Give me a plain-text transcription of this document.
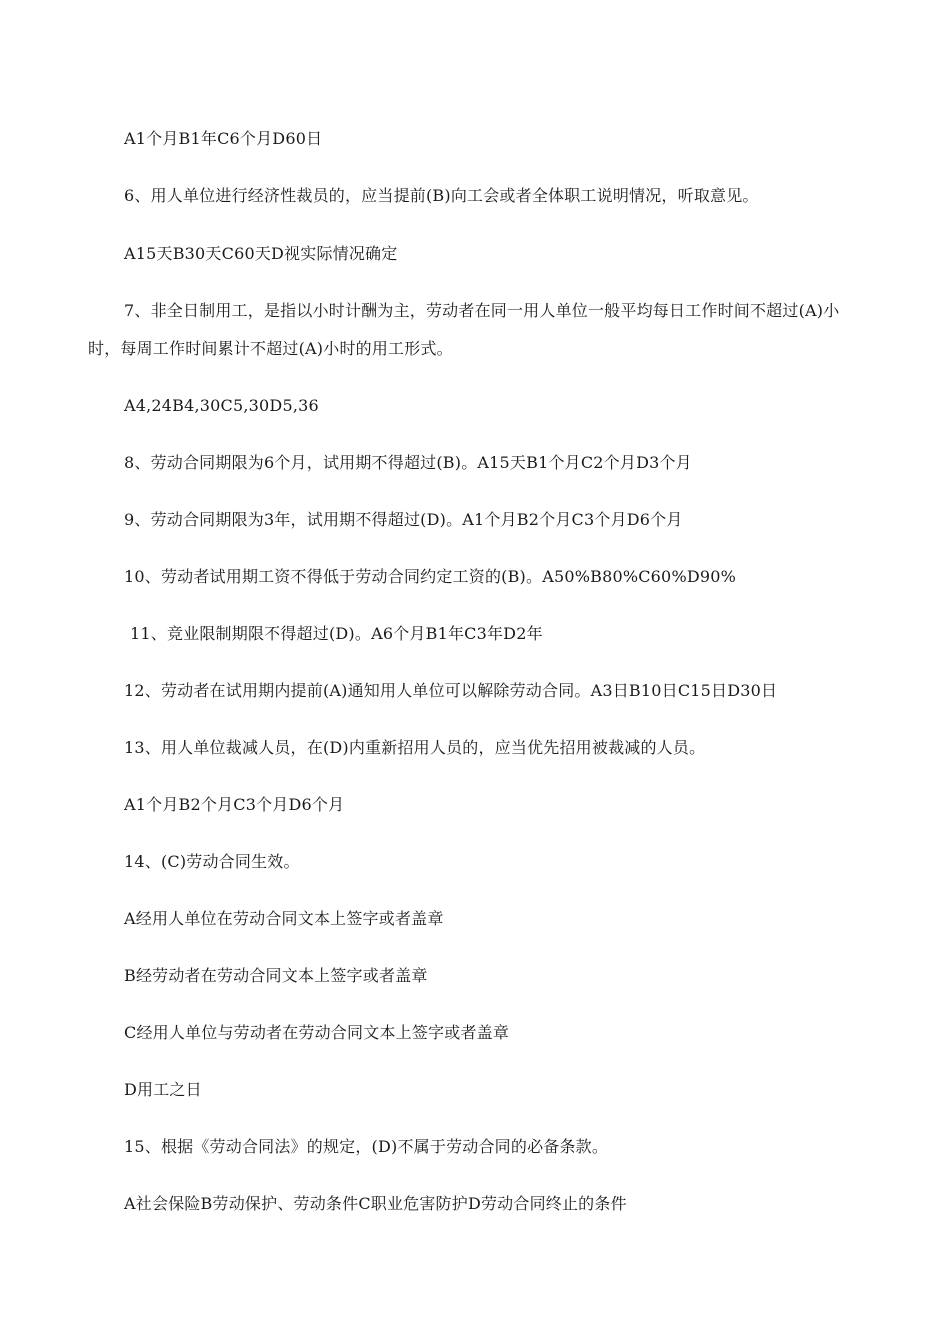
A1个月B1年C6个月D60日
6、用人单位进行经济性裁员的，应当提前(B)向工会或者全体职工说明情况，听取意见。
A15天B30天C60天D视实际情况确定
7、非全日制用工，是指以小时计酬为主，劳动者在同一用人单位一般平均每日工作时间不超过(A)小时，每周工作时间累计不超过(A)小时的用工形式。
A4,24B4,30C5,30D5,36
8、劳动合同期限为6个月，试用期不得超过(B)。A15天B1个月C2个月D3个月
9、劳动合同期限为3年，试用期不得超过(D)。A1个月B2个月C3个月D6个月
10、劳动者试用期工资不得低于劳动合同约定工资的(B)。A50%B80%C60%D90%
11、竞业限制期限不得超过(D)。A6个月B1年C3年D2年
12、劳动者在试用期内提前(A)通知用人单位可以解除劳动合同。A3日B10日C15日D30日
13、用人单位裁减人员，在(D)内重新招用人员的，应当优先招用被裁减的人员。
A1个月B2个月C3个月D6个月
14、(C)劳动合同生效。
A经用人单位在劳动合同文本上签字或者盖章
B经劳动者在劳动合同文本上签字或者盖章
C经用人单位与劳动者在劳动合同文本上签字或者盖章
D用工之日
15、根据《劳动合同法》的规定，(D)不属于劳动合同的必备条款。
A社会保险B劳动保护、劳动条件C职业危害防护D劳动合同终止的条件
